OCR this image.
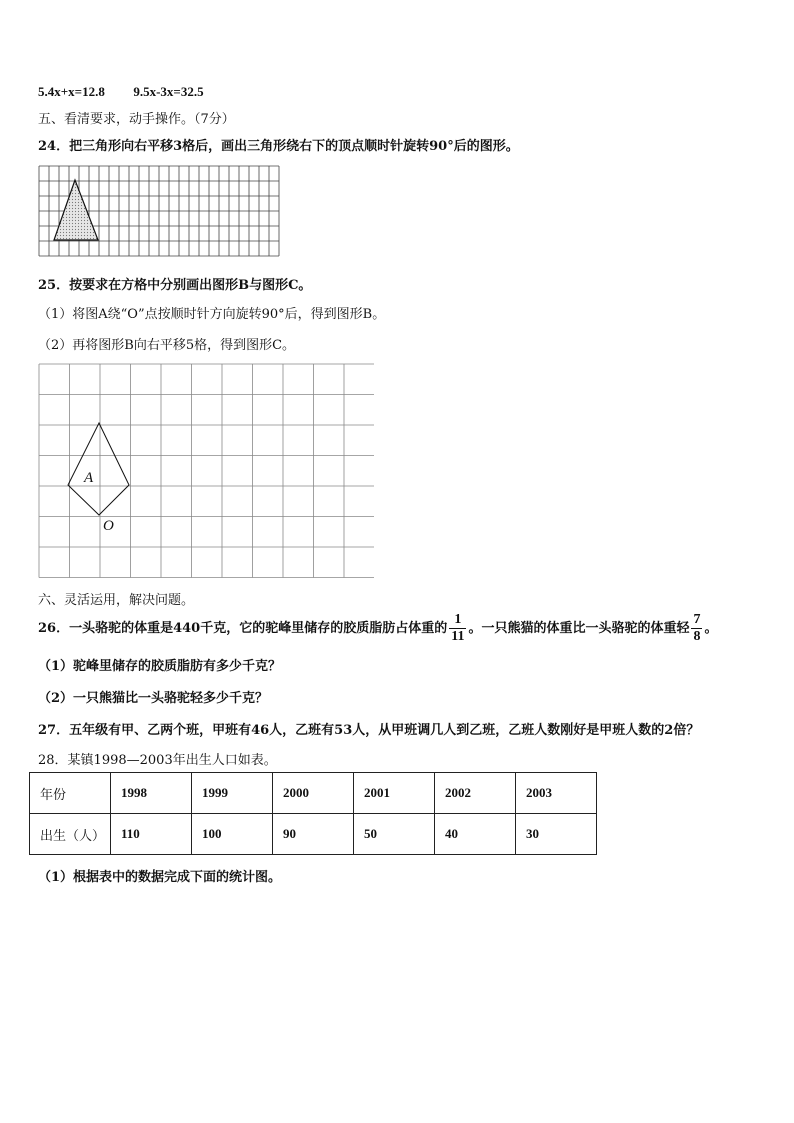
5.4x+x=12.8 9.5x-3x=32.5
五、看清要求，动手操作。（7分）
24．把三角形向右平移3格后，画出三角形绕右下的顶点顺时针旋转90°后的图形。
25．按要求在方格中分别画出图形B与图形C。
（1）将图A绕“O”点按顺时针方向旋转90°后，得到图形B。
（2）再将图形B向右平移5格，得到图形C。
A
O
六、灵活运用，解决问题。
26．一头骆驼的体重是440千克，它的驼峰里储存的胶质脂肪占体重的 $\frac{1}{11}$ 。一只熊猫的体重比一头骆驼的体重轻 $\frac{7}{8}$ 。
（1）驼峰里储存的胶质脂肪有多少千克？
（2）一只熊猫比一头骆驼轻多少千克？
27．五年级有甲、乙两个班，甲班有46人，乙班有53人，从甲班调几人到乙班，乙班人数刚好是甲班人数的2倍？
28．某镇1998—2003年出生人口如表。
年份	1998	1999	2000	2001	2002	2003
出生（人）	110	100	90	50	40	30
（1）根据表中的数据完成下面的统计图。
